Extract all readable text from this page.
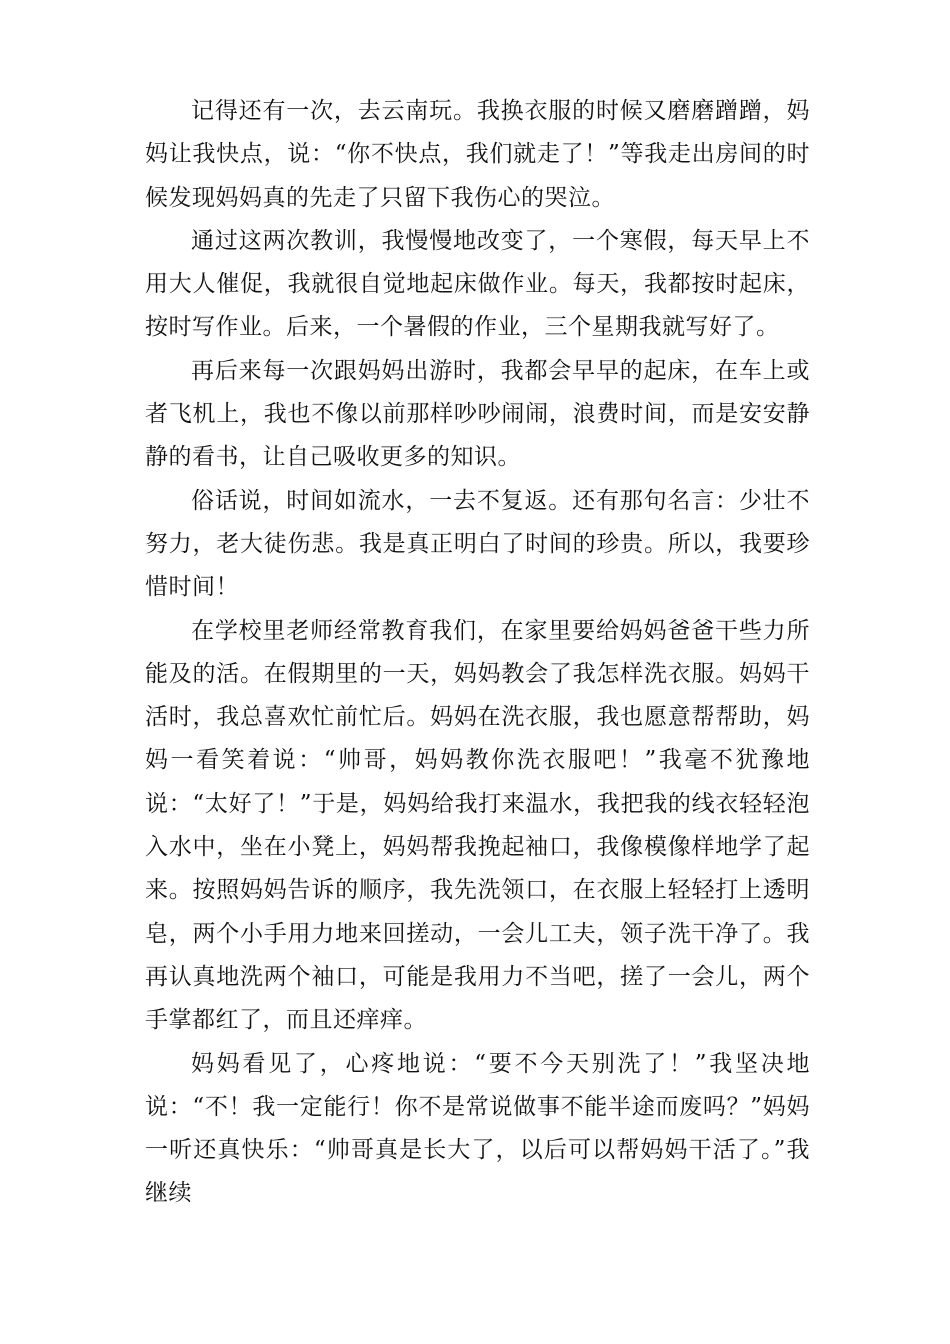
记得还有一次，去云南玩。我换衣服的时候又磨磨蹭蹭，妈妈让我快点，说：“你不快点，我们就走了！”等我走出房间的时候发现妈妈真的先走了只留下我伤心的哭泣。

通过这两次教训，我慢慢地改变了，一个寒假，每天早上不用大人催促，我就很自觉地起床做作业。每天，我都按时起床，按时写作业。后来，一个暑假的作业，三个星期我就写好了。

再后来每一次跟妈妈出游时，我都会早早的起床，在车上或者飞机上，我也不像以前那样吵吵闹闹，浪费时间，而是安安静静的看书，让自己吸收更多的知识。

俗话说，时间如流水，一去不复返。还有那句名言：少壮不努力，老大徒伤悲。我是真正明白了时间的珍贵。所以，我要珍惜时间！

在学校里老师经常教育我们，在家里要给妈妈爸爸干些力所能及的活。在假期里的一天，妈妈教会了我怎样洗衣服。妈妈干活时，我总喜欢忙前忙后。妈妈在洗衣服，我也愿意帮帮助，妈妈一看笑着说：“帅哥，妈妈教你洗衣服吧！”我毫不犹豫地说：“太好了！”于是，妈妈给我打来温水，我把我的线衣轻轻泡入水中，坐在小凳上，妈妈帮我挽起袖口，我像模像样地学了起来。按照妈妈告诉的顺序，我先洗领口，在衣服上轻轻打上透明皂，两个小手用力地来回搓动，一会儿工夫，领子洗干净了。我再认真地洗两个袖口，可能是我用力不当吧，搓了一会儿，两个手掌都红了，而且还痒痒。

妈妈看见了，心疼地说：“要不今天别洗了！”我坚决地说：“不！我一定能行！你不是常说做事不能半途而废吗？”妈妈一听还真快乐：“帅哥真是长大了，以后可以帮妈妈干活了。”我继续
